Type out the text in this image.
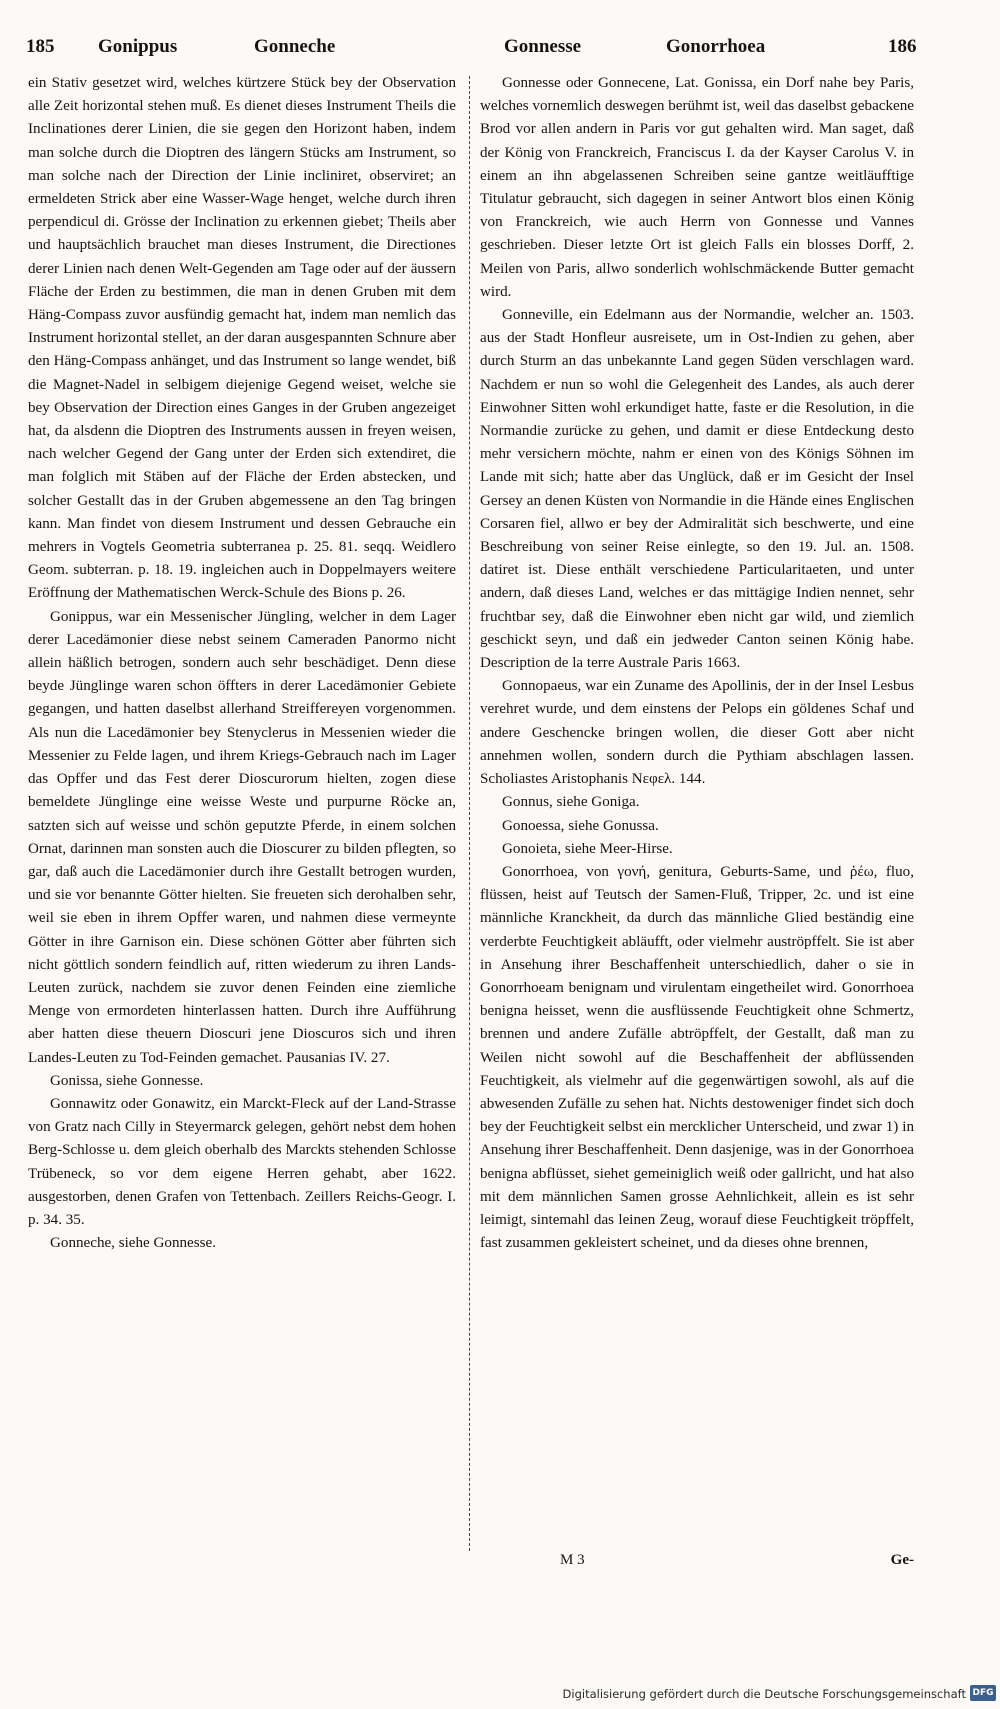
185 Gonippus	Gonneche	Gonnesse	Gonorrhoea	186

ein Stativ gesetzet wird, welches kürtzere Stück bey der Observation alle Zeit horizontal stehen muß. Es dienet dieses Instrument Theils die Inclinationes derer Linien, die sie gegen den Horizont haben, indem man solche durch die Dioptren des längern Stücks am Instrument, so man solche nach der Direction der Linie incliniret, observiret; an ermeldeten Strick aber eine Wasser-Wage henget, welche durch ihren perpendicul di. Grösse der Inclination zu erkennen giebet; Theils aber und hauptsächlich brauchet man dieses Instrument, die Directiones derer Linien nach denen Welt-Gegenden am Tage oder auf der äussern Fläche der Erden zu bestimmen, die man in denen Gruben mit dem Häng-Compass zuvor ausfündig gemacht hat, indem man nemlich das Instrument horizontal stellet, an der daran ausgespannten Schnure aber den Häng-Compass anhänget, und das Instrument so lange wendet, biß die Magnet-Nadel in selbigem diejenige Gegend weiset, welche sie bey Observation der Direction eines Ganges in der Gruben angezeiget hat, da alsdenn die Dioptren des Instruments aussen in freyen weisen, nach welcher Gegend der Gang unter der Erden sich extendiret, die man folglich mit Stäben auf der Fläche der Erden abstecken, und solcher Gestallt das in der Gruben abgemessene an den Tag bringen kann. Man findet von diesem Instrument und dessen Gebrauche ein mehrers in Vogtels Geometria subterranea p. 25. 81. seqq. Weidlero Geom. subterran. p. 18. 19. ingleichen auch in Doppelmayers weitere Eröffnung der Mathematischen Werck-Schule des Bions p. 26.

Gonippus, war ein Messenischer Jüngling, welcher in dem Lager derer Lacedämonier diese nebst seinem Cameraden Panormo nicht allein häßlich betrogen, sondern auch sehr beschädiget. Denn diese beyde Jünglinge waren schon öffters in derer Lacedämonier Gebiete gegangen, und hatten daselbst allerhand Streiffereyen vorgenommen. Als nun die Lacedämonier bey Stenyclerus in Messenien wieder die Messenier zu Felde lagen, und ihrem Kriegs-Gebrauch nach im Lager das Opffer und das Fest derer Dioscurorum hielten, zogen diese bemeldete Jünglinge eine weisse Weste und purpurne Röcke an, satzten sich auf weisse und schön geputzte Pferde, in einem solchen Ornat, darinnen man sonsten auch die Dioscurer zu bilden pflegten, so gar, daß auch die Lacedämonier durch ihre Gestallt betrogen wurden, und sie vor benannte Götter hielten. Sie freueten sich derohalben sehr, weil sie eben in ihrem Opffer waren, und nahmen diese vermeynte Götter in ihre Garnison ein. Diese schönen Götter aber führten sich nicht göttlich sondern feindlich auf, ritten wiederum zu ihren Lands-Leuten zurück, nachdem sie zuvor denen Feinden eine ziemliche Menge von ermordeten hinterlassen hatten. Durch ihre Aufführung aber hatten diese theuern Dioscuri jene Dioscuros sich und ihren Landes-Leuten zu Tod-Feinden gemachet. Pausanias IV. 27.

Gonissa, siehe Gonnesse.

Gonnawitz oder Gonawitz, ein Marckt-Fleck auf der Land-Strasse von Gratz nach Cilly in Steyermarck gelegen, gehört nebst dem hohen Berg-Schlosse u. dem gleich oberhalb des Marckts stehenden Schlosse Trübeneck, so vor dem eigene Herren gehabt, aber 1622. ausgestorben, denen Grafen von Tettenbach. Zeillers Reichs-Geogr. I. p. 34. 35.

Gonneche, siehe Gonnesse.

Gonnesse oder Gonnecene, Lat. Gonissa, ein Dorf nahe bey Paris, welches vornemlich deswegen berühmt ist, weil das daselbst gebackene Brod vor allen andern in Paris vor gut gehalten wird. Man saget, daß der König von Franckreich, Franciscus I. da der Kayser Carolus V. in einem an ihn abgelassenen Schreiben seine gantze weitläufftige Titulatur gebraucht, sich dagegen in seiner Antwort blos einen König von Franckreich, wie auch Herrn von Gonnesse und Vannes geschrieben. Dieser letzte Ort ist gleich Falls ein blosses Dorff, 2. Meilen von Paris, allwo sonderlich wohlschmäckende Butter gemacht wird.

Gonneville, ein Edelmann aus der Normandie, welcher an. 1503. aus der Stadt Honfleur ausreisete, um in Ost-Indien zu gehen, aber durch Sturm an das unbekannte Land gegen Süden verschlagen ward. Nachdem er nun so wohl die Gelegenheit des Landes, als auch derer Einwohner Sitten wohl erkundiget hatte, faste er die Resolution, in die Normandie zurücke zu gehen, und damit er diese Entdeckung desto mehr versichern möchte, nahm er einen von des Königs Söhnen im Lande mit sich; hatte aber das Unglück, daß er im Gesicht der Insel Gersey an denen Küsten von Normandie in die Hände eines Englischen Corsaren fiel, allwo er bey der Admiralität sich beschwerte, und eine Beschreibung von seiner Reise einlegte, so den 19. Jul. an. 1508. datiret ist. Diese enthält verschiedene Particularitaeten, und unter andern, daß dieses Land, welches er das mittägige Indien nennet, sehr fruchtbar sey, daß die Einwohner eben nicht gar wild, und ziemlich geschickt seyn, und daß ein jedweder Canton seinen König habe. Description de la terre Australe Paris 1663.

Gonnopaeus, war ein Zuname des Apollinis, der in der Insel Lesbus verehret wurde, und dem einstens der Pelops ein göldenes Schaf und andere Geschencke bringen wollen, die dieser Gott aber nicht annehmen wollen, sondern durch die Pythiam abschlagen lassen. Scholiastes Aristophanis Νεφελ. 144.

Gonnus, siehe Goniga.

Gonoessa, siehe Gonussa.

Gonoieta, siehe Meer-Hirse.

Gonorrhoea, von γονή, genitura, Geburts-Same, und ῥέω, fluo, flüssen, heist auf Teutsch der Samen-Fluß, Tripper, 2c. und ist eine männliche Kranckheit, da durch das männliche Glied beständig eine verderbte Feuchtigkeit abläufft, oder vielmehr auströpffelt. Sie ist aber in Ansehung ihrer Beschaffenheit unterschiedlich, daher o sie in Gonorrhoeam benignam und virulentam eingetheilet wird. Gonorrhoea benigna heisset, wenn die ausflüssende Feuchtigkeit ohne Schmertz, brennen und andere Zufälle abtröpffelt, der Gestallt, daß man zu Weilen nicht sowohl auf die Beschaffenheit der abflüssenden Feuchtigkeit, als vielmehr auf die gegenwärtigen sowohl, als auf die abwesenden Zufälle zu sehen hat. Nichts destoweniger findet sich doch bey der Feuchtigkeit selbst ein mercklicher Unterscheid, und zwar 1) in Ansehung ihrer Beschaffenheit. Denn dasjenige, was in der Gonorrhoea benigna abflüsset, siehet gemeiniglich weiß oder gallricht, und hat also mit dem männlichen Samen grosse Aehnlichkeit, allein es ist sehr leimigt, sintemahl das leinen Zeug, worauf diese Feuchtigkeit tröpffelt, fast zusammen gekleistert scheinet, und da dieses ohne brennen,

M 3	Ge-
Digitalisierung gefördert durch die Deutsche Forschungsgemeinschaft DFG
